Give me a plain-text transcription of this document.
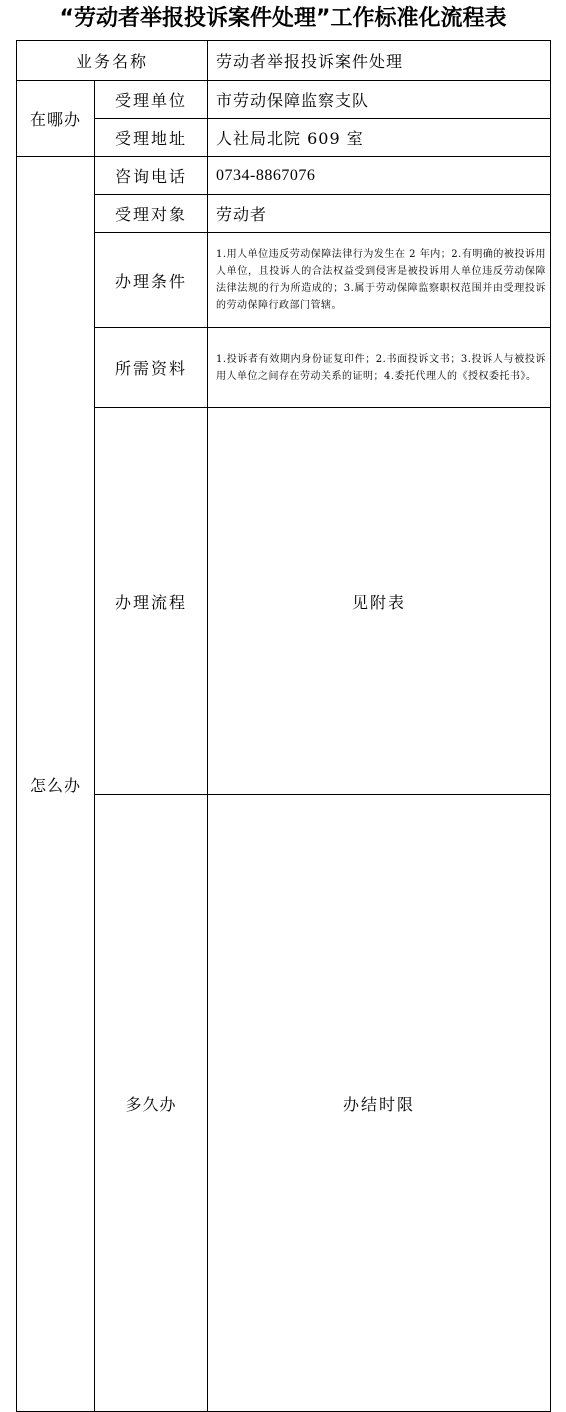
“劳动者举报投诉案件处理”工作标准化流程表
业务名称		劳动者举报投诉案件处理	
在哪办	受理单位	市劳动保障监察支队	
	受理地址	人社局北院 609 室	
怎么办	咨询电话	0734-8867076	
	受理对象	劳动者	
	办理条件	1.用人单位违反劳动保障法律行为发生在 2 年内；2.有明确的被投诉用人单位，且投诉人的合法权益受到侵害是被投诉用人单位违反劳动保障法律法规的行为所造成的；3.属于劳动保障监察职权范围并由受理投诉的劳动保障行政部门管辖。	
	所需资料	1.投诉者有效期内身份证复印件；2.书面投诉文书；3.投诉人与被投诉用人单位之间存在劳动关系的证明；4.委托代理人的《授权委托书》。	
	办理流程	见附表	
	多久办	办结时限	
